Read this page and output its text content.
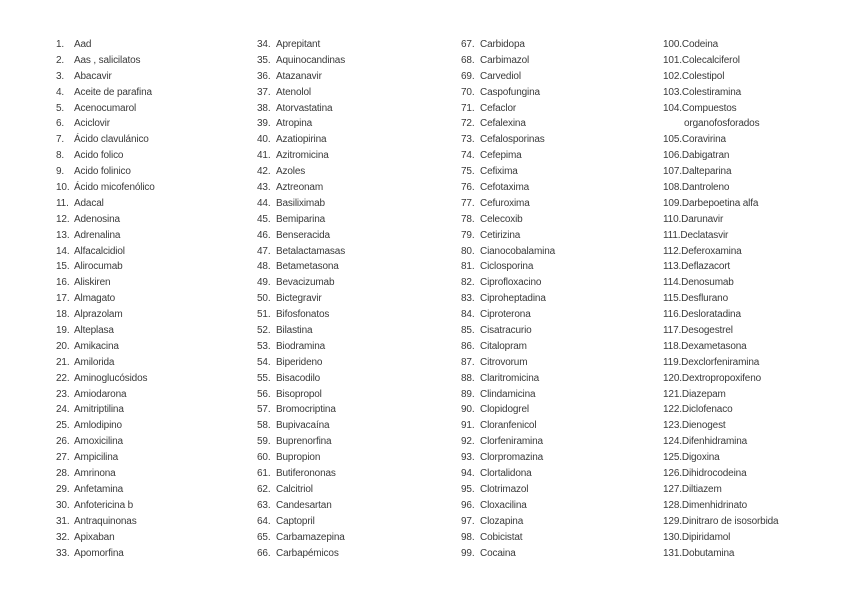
1. Aad
2. Aas , salicilatos
3. Abacavir
4. Aceite de parafina
5. Acenocumarol
6. Aciclovir
7. Ácido clavulánico
8. Acido folico
9. Acido folinico
10. Ácido micofenólico
11. Adacal
12. Adenosina
13. Adrenalina
14. Alfacalcidiol
15. Alirocumab
16. Aliskiren
17. Almagato
18. Alprazolam
19. Alteplasa
20. Amikacina
21. Amilorida
22. Aminoglucósidos
23. Amiodarona
24. Amitriptilina
25. Amlodipino
26. Amoxicilina
27. Ampicilina
28. Amrinona
29. Anfetamina
30. Anfotericina b
31. Antraquinonas
32. Apixaban
33. Apomorfina
34. Aprepitant
35. Aquinocandinas
36. Atazanavir
37. Atenolol
38. Atorvastatina
39. Atropina
40. Azatiopirina
41. Azitromicina
42. Azoles
43. Aztreonam
44. Basiliximab
45. Bemiparina
46. Benseracida
47. Betalactamasas
48. Betametasona
49. Bevacizumab
50. Bictegravir
51. Bifosfonatos
52. Bilastina
53. Biodramina
54. Biperideno
55. Bisacodilo
56. Bisopropol
57. Bromocriptina
58. Bupivacaína
59. Buprenorfina
60. Bupropion
61. Butiferononas
62. Calcitriol
63. Candesartan
64. Captopril
65. Carbamazepina
66. Carbapémicos
67. Carbidopa
68. Carbimazol
69. Carvediol
70. Caspofungina
71. Cefaclor
72. Cefalexina
73. Cefalosporinas
74. Cefepima
75. Cefixima
76. Cefotaxima
77. Cefuroxima
78. Celecoxib
79. Cetirizina
80. Cianocobalamina
81. Ciclosporina
82. Ciprofloxacino
83. Ciproheptadina
84. Ciproterona
85. Cisatracurio
86. Citalopram
87. Citrovorum
88. Claritromicina
89. Clindamicina
90. Clopidogrel
91. Cloranfenicol
92. Clorfeniramina
93. Clorpromazina
94. Clortalidona
95. Clotrimazol
96. Cloxacilina
97. Clozapina
98. Cobicistat
99. Cocaina
100. Codeina
101. Colecalciferol
102. Colestipol
103. Colestiramina
104. Compuestos
organofosforados
105. Coravirina
106. Dabigatran
107. Dalteparina
108. Dantroleno
109. Darbepoetina alfa
110. Darunavir
111. Declatasvir
112. Deferoxamina
113. Deflazacort
114. Denosumab
115. Desflurano
116. Desloratadina
117. Desogestrel
118. Dexametasona
119. Dexclorfeniramina
120. Dextropropoxifeno
121. Diazepam
122. Diclofenaco
123. Dienogest
124. Difenhidramina
125. Digoxina
126. Dihidrocodeina
127. Diltiazem
128. Dimenhidrinato
129. Dinitraro de isosorbida
130. Dipiridamol
131. Dobutamina
